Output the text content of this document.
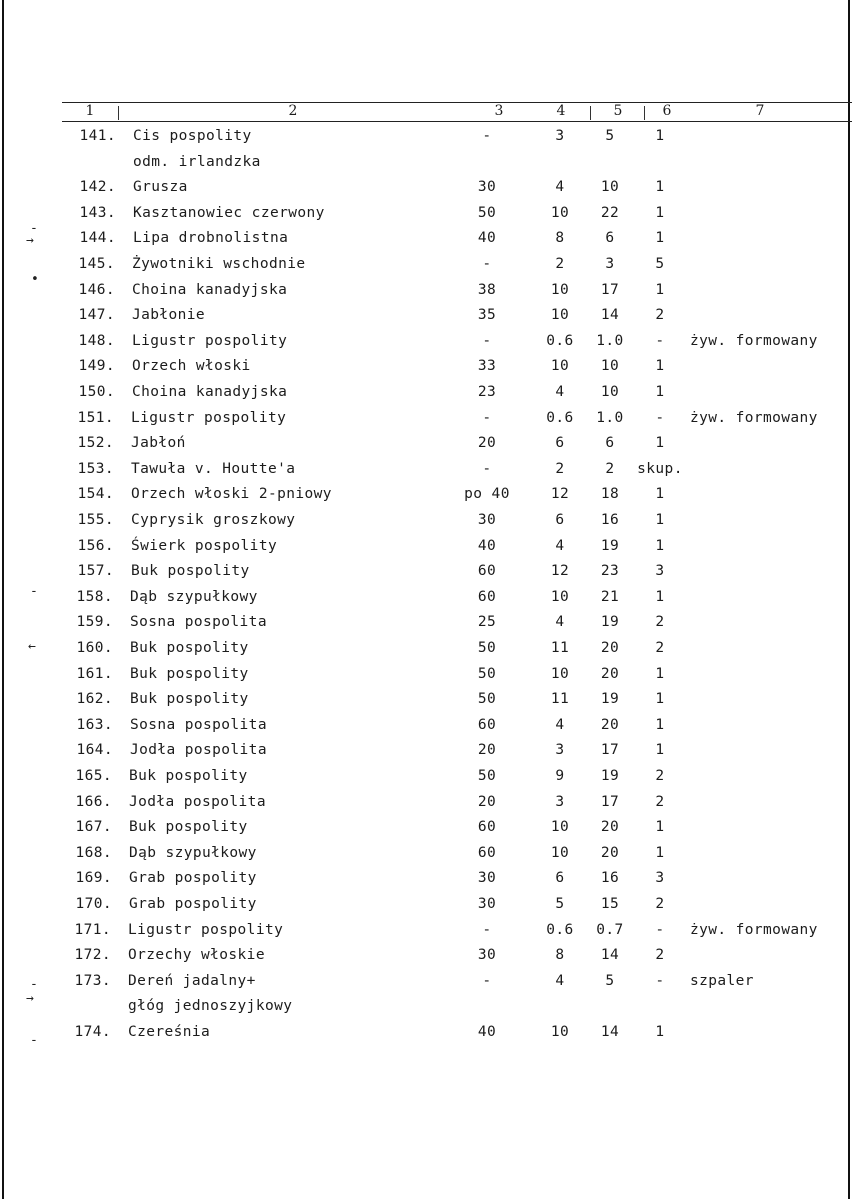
-
→
•
-
←
-
→
-
1	2	3	4	5	6	7
141. Cis pospolity	-	3	5	1
odm. irlandzka
142. Grusza	30	4	10	1
143. Kasztanowiec czerwony	50	10	22	1
144. Lipa drobnolistna	40	8	6	1
145. Żywotniki wschodnie	-	2	3	5
146. Choina kanadyjska	38	10	17	1
147. Jabłonie	35	10	14	2
148. Ligustr pospolity	-	0.6	1.0	-	żyw. formowany
149. Orzech włoski	33	10	10	1
150. Choina kanadyjska	23	4	10	1
151. Ligustr pospolity	-	0.6	1.0	-	żyw. formowany
152. Jabłoń	20	6	6	1
153. Tawuła v. Houtte'a	-	2	2	skup.
154. Orzech włoski 2-pniowy	po 40	12	18	1
155. Cyprysik groszkowy	30	6	16	1
156. Świerk pospolity	40	4	19	1
157. Buk pospolity	60	12	23	3
158. Dąb szypułkowy	60	10	21	1
159. Sosna pospolita	25	4	19	2
160. Buk pospolity	50	11	20	2
161. Buk pospolity	50	10	20	1
162. Buk pospolity	50	11	19	1
163. Sosna pospolita	60	4	20	1
164. Jodła pospolita	20	3	17	1
165. Buk pospolity	50	9	19	2
166. Jodła pospolita	20	3	17	2
167. Buk pospolity	60	10	20	1
168. Dąb szypułkowy	60	10	20	1
169. Grab pospolity	30	6	16	3
170. Grab pospolity	30	5	15	2
171. Ligustr pospolity	-	0.6	0.7	-	żyw. formowany
172. Orzechy włoskie	30	8	14	2
173. Dereń jadalny+	-	4	5	-	szpaler
głóg jednoszyjkowy
174. Czereśnia	40	10	14	1
